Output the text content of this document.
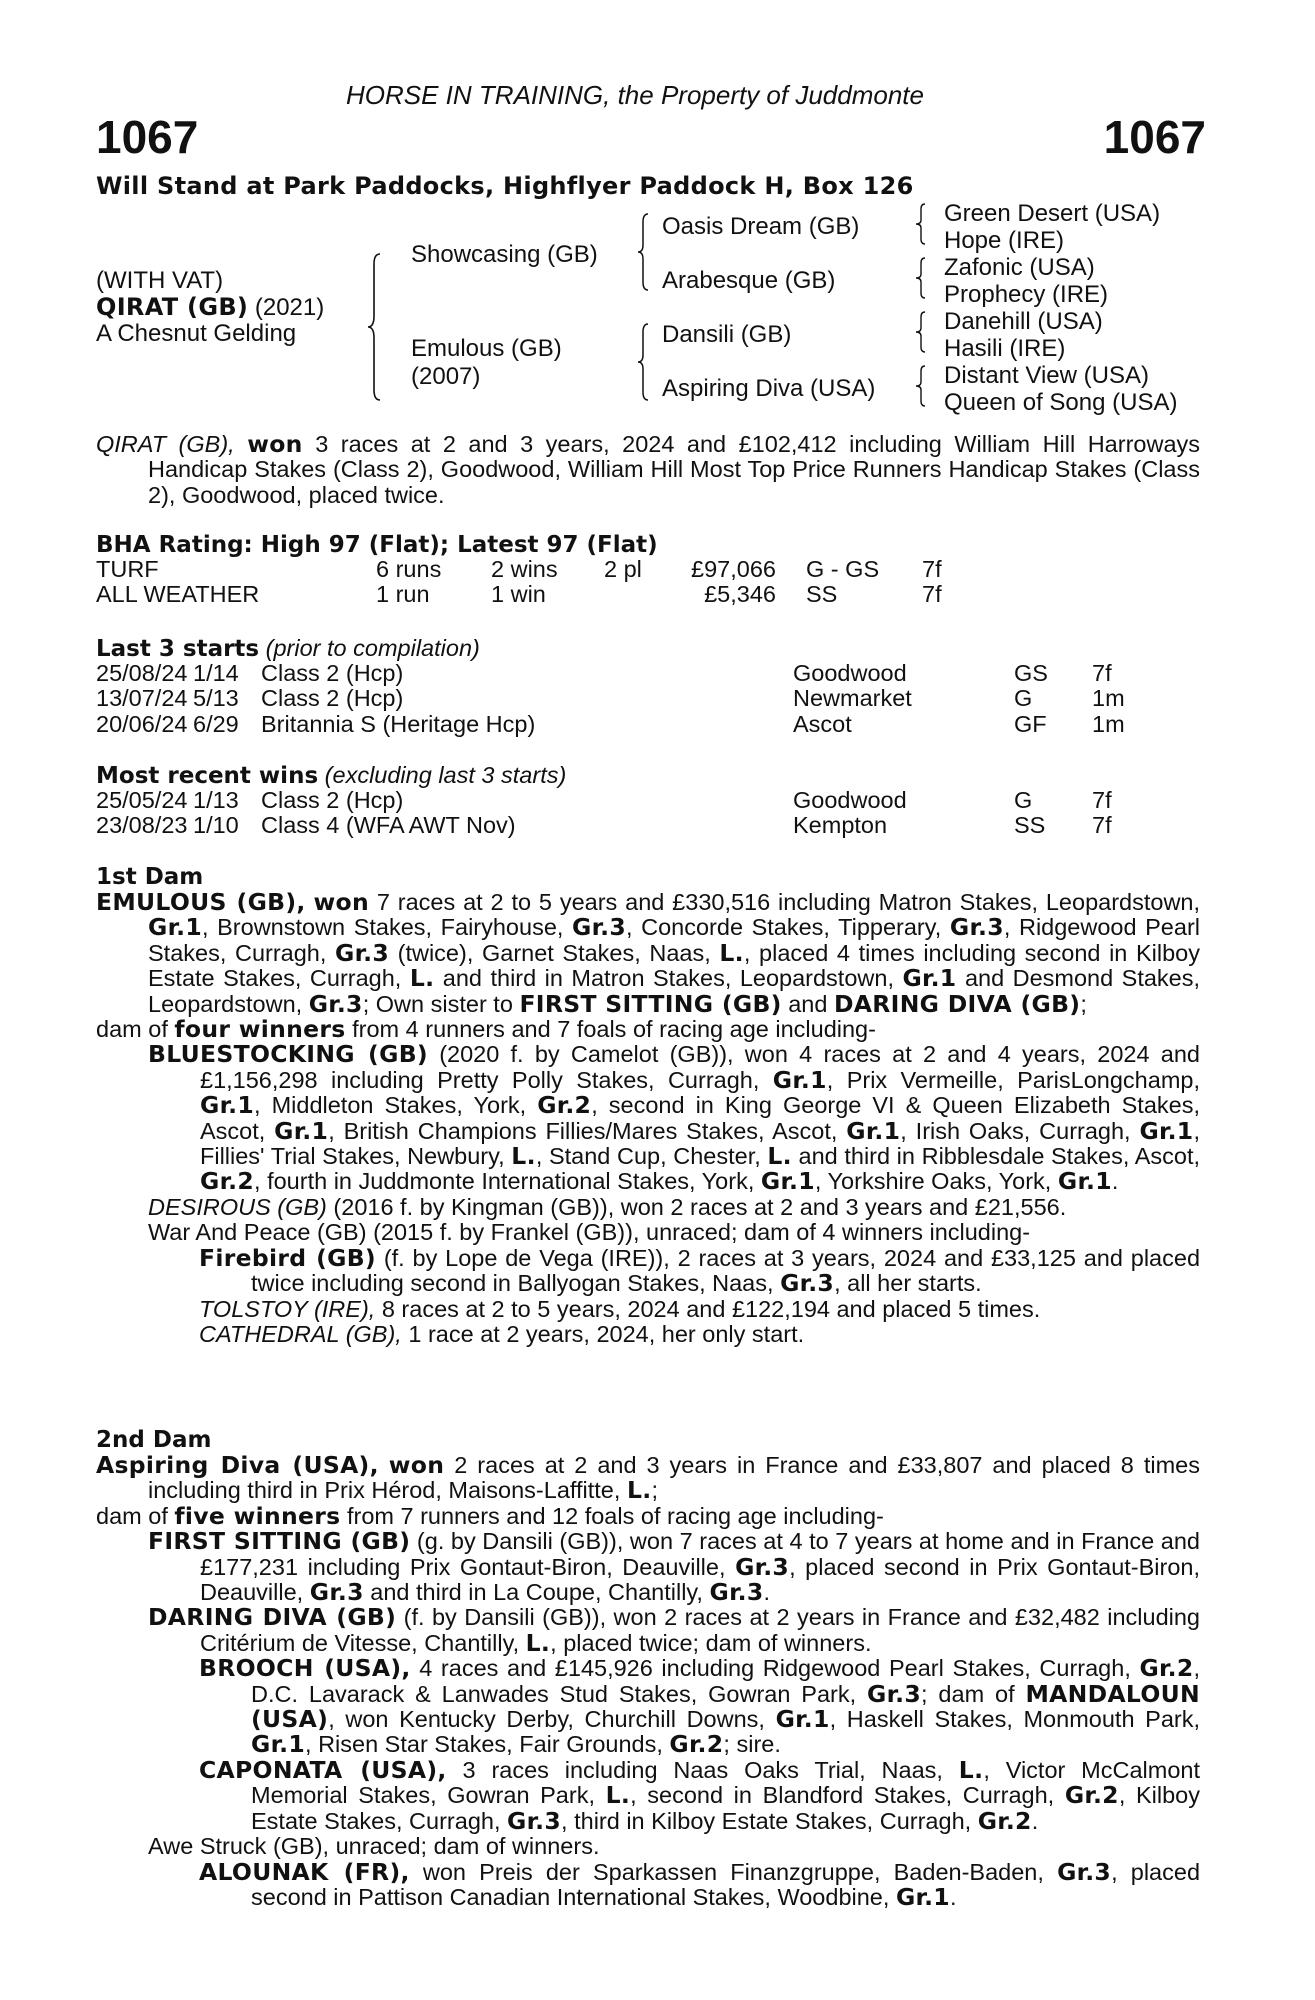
HORSE IN TRAINING, the Property of Juddmonte
1067	1067
Will Stand at Park Paddocks, Highflyer Paddock H, Box 126
(WITH VAT)
QIRAT (GB) (2021)
A Chesnut Gelding
Showcasing (GB)
Emulous (GB)
(2007)
Oasis Dream (GB)
Arabesque (GB)
Dansili (GB)
Aspiring Diva (USA)
Green Desert (USA)
Hope (IRE)
Zafonic (USA)
Prophecy (IRE)
Danehill (USA)
Hasili (IRE)
Distant View (USA)
Queen of Song (USA)

QIRAT (GB), won 3 races at 2 and 3 years, 2024 and £102,412 including William Hill Harroways Handicap Stakes (Class 2), Goodwood, William Hill Most Top Price Runners Handicap Stakes (Class 2), Goodwood, placed twice.

BHA Rating: High 97 (Flat); Latest 97 (Flat)
TURF	6 runs	2 wins	2 pl	£97,066		G - GS	7f
ALL WEATHER	1 run	1 win		£5,346		SS	7f
Last 3 starts (prior to compilation)
25/08/24	1/14	Class 2 (Hcp)	Goodwood	GS	7f
13/07/24	5/13	Class 2 (Hcp)	Newmarket	G	1m
20/06/24	6/29	Britannia S (Heritage Hcp)	Ascot	GF	1m
Most recent wins (excluding last 3 starts)
25/05/24	1/13	Class 2 (Hcp)	Goodwood	G	7f
23/08/23	1/10	Class 4 (WFA AWT Nov)	Kempton	SS	7f
1st Dam

EMULOUS (GB), won 7 races at 2 to 5 years and £330,516 including Matron Stakes, Leopardstown, Gr.1, Brownstown Stakes, Fairyhouse, Gr.3, Concorde Stakes, Tipperary, Gr.3, Ridgewood Pearl Stakes, Curragh, Gr.3 (twice), Garnet Stakes, Naas, L., placed 4 times including second in Kilboy Estate Stakes, Curragh, L. and third in Matron Stakes, Leopardstown, Gr.1 and Desmond Stakes, Leopardstown, Gr.3; Own sister to FIRST SITTING (GB) and DARING DIVA (GB);

dam of four winners from 4 runners and 7 foals of racing age including-

BLUESTOCKING (GB) (2020 f. by Camelot (GB)), won 4 races at 2 and 4 years, 2024 and £1,156,298 including Pretty Polly Stakes, Curragh, Gr.1, Prix Vermeille, ParisLongchamp, Gr.1, Middleton Stakes, York, Gr.2, second in King George VI & Queen Elizabeth Stakes, Ascot, Gr.1, British Champions Fillies/Mares Stakes, Ascot, Gr.1, Irish Oaks, Curragh, Gr.1, Fillies' Trial Stakes, Newbury, L., Stand Cup, Chester, L. and third in Ribblesdale Stakes, Ascot, Gr.2, fourth in Juddmonte International Stakes, York, Gr.1, Yorkshire Oaks, York, Gr.1.

DESIROUS (GB) (2016 f. by Kingman (GB)), won 2 races at 2 and 3 years and £21,556.

War And Peace (GB) (2015 f. by Frankel (GB)), unraced; dam of 4 winners including-

Firebird (GB) (f. by Lope de Vega (IRE)), 2 races at 3 years, 2024 and £33,125 and placed twice including second in Ballyogan Stakes, Naas, Gr.3, all her starts.

TOLSTOY (IRE), 8 races at 2 to 5 years, 2024 and £122,194 and placed 5 times.

CATHEDRAL (GB), 1 race at 2 years, 2024, her only start.

2nd Dam

Aspiring Diva (USA), won 2 races at 2 and 3 years in France and £33,807 and placed 8 times including third in Prix Hérod, Maisons-Laffitte, L.;

dam of five winners from 7 runners and 12 foals of racing age including-

FIRST SITTING (GB) (g. by Dansili (GB)), won 7 races at 4 to 7 years at home and in France and £177,231 including Prix Gontaut-Biron, Deauville, Gr.3, placed second in Prix Gontaut-Biron, Deauville, Gr.3 and third in La Coupe, Chantilly, Gr.3.

DARING DIVA (GB) (f. by Dansili (GB)), won 2 races at 2 years in France and £32,482 including Critérium de Vitesse, Chantilly, L., placed twice; dam of winners.

BROOCH (USA), 4 races and £145,926 including Ridgewood Pearl Stakes, Curragh, Gr.2, D.C. Lavarack & Lanwades Stud Stakes, Gowran Park, Gr.3; dam of MANDALOUN (USA), won Kentucky Derby, Churchill Downs, Gr.1, Haskell Stakes, Monmouth Park, Gr.1, Risen Star Stakes, Fair Grounds, Gr.2; sire.

CAPONATA (USA), 3 races including Naas Oaks Trial, Naas, L., Victor McCalmont Memorial Stakes, Gowran Park, L., second in Blandford Stakes, Curragh, Gr.2, Kilboy Estate Stakes, Curragh, Gr.3, third in Kilboy Estate Stakes, Curragh, Gr.2.

Awe Struck (GB), unraced; dam of winners.

ALOUNAK (FR), won Preis der Sparkassen Finanzgruppe, Baden-Baden, Gr.3, placed second in Pattison Canadian International Stakes, Woodbine, Gr.1.
